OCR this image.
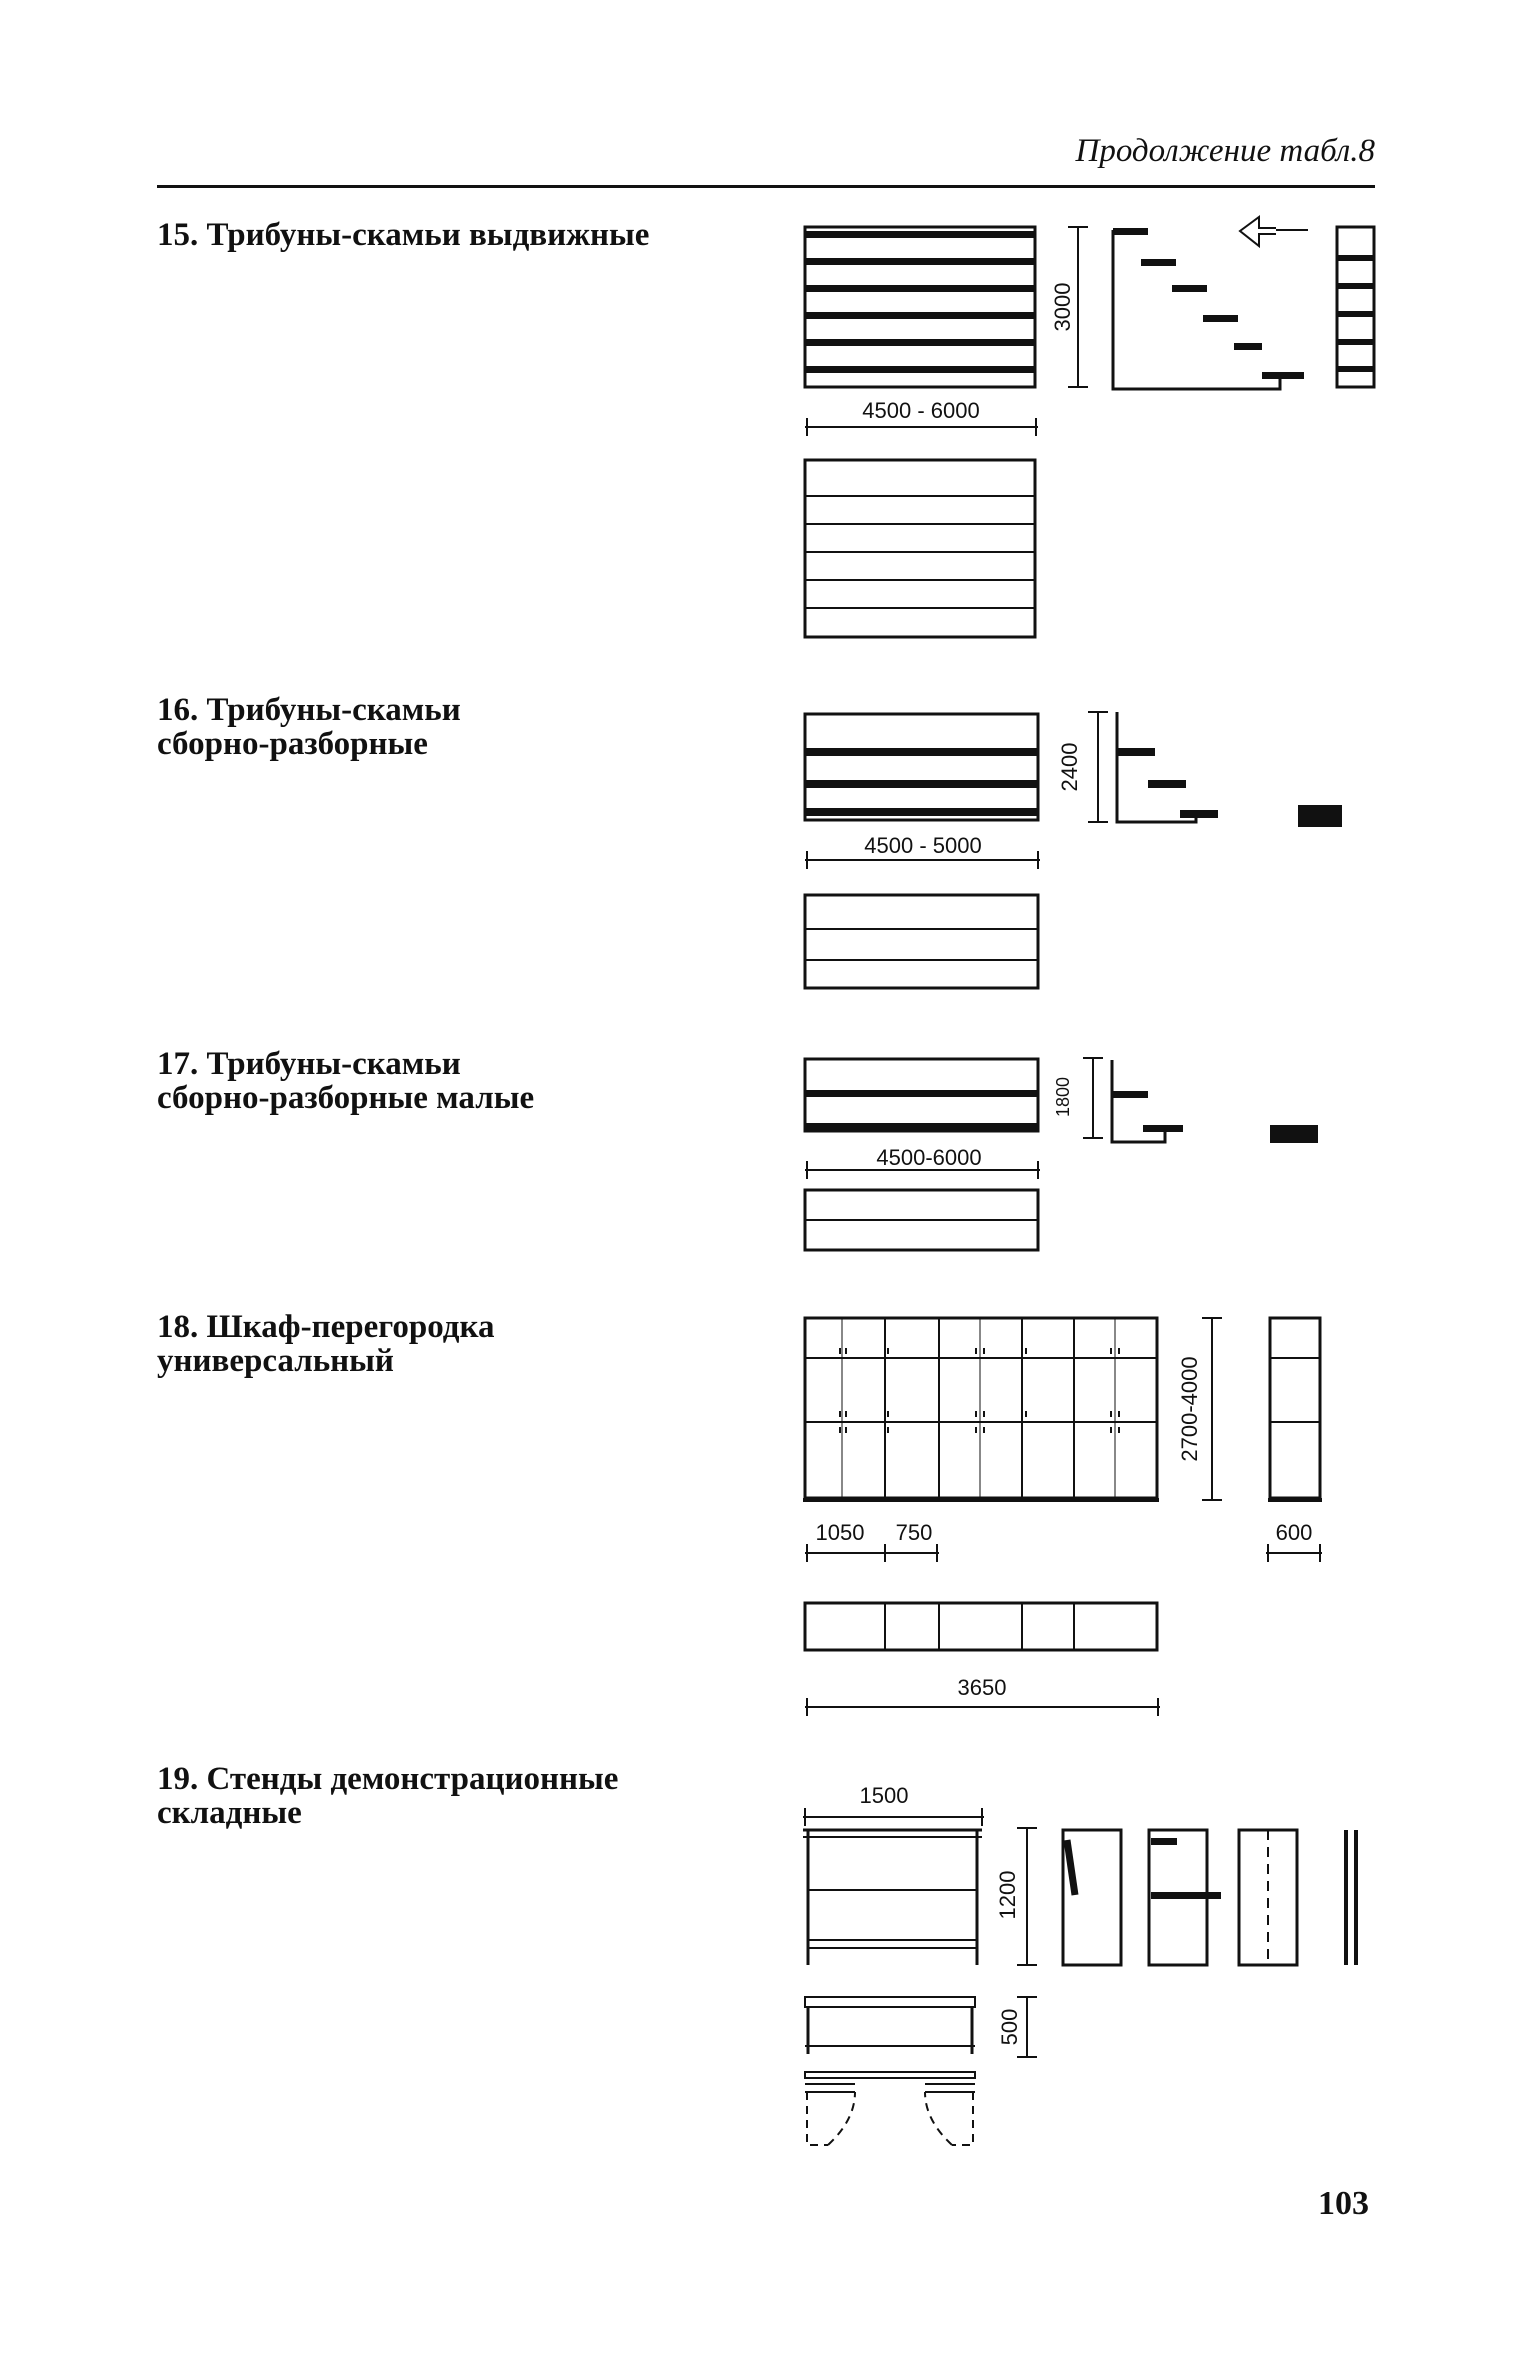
Продолжение табл.8
15. Трибуны-скамьи выдвижные
16. Трибуны-скамьи
сборно-разборные
17. Трибуны-скамьи
сборно-разборные малые
18. Шкаф-перегородка
универсальный
19. Стенды демонстрационные
складные
4500 - 6000
3000
4500 - 5000
2400
4500-6000
1800
2700-4000
1050 750	600
3650
1500
1200
500
103
